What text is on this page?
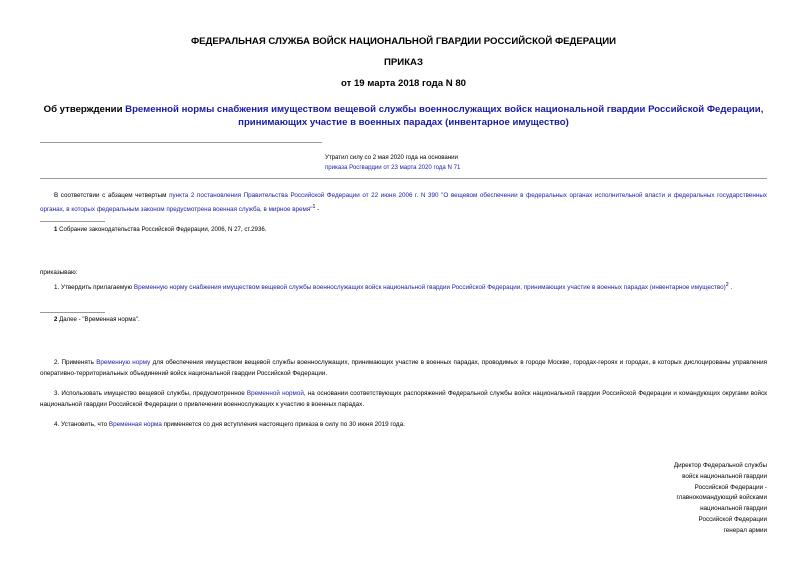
ФЕДЕРАЛЬНАЯ СЛУЖБА ВОЙСК НАЦИОНАЛЬНОЙ ГВАРДИИ РОССИЙСКОЙ ФЕДЕРАЦИИ
ПРИКАЗ
от 19 марта 2018 года N 80
Об утверждении Временной нормы снабжения имуществом вещевой службы военнослужащих войск национальной гвардии Российской Федерации, принимающих участие в военных парадах (инвентарное имущество)
Утратил силу со 2 мая 2020 года на основании
приказа Росгвардии от 23 марта 2020 года N 71
В соответствии с абзацем четвертым пункта 2 постановления Правительства Российской Федерации от 22 июня 2006 г. N 390 "О вещевом обеспечении в федеральных органах исполнительной власти и федеральных государственных органах, в которых федеральным законом предусмотрена военная служба, в мирное время"$^1$ -
1 Собрание законодательства Российской Федерации, 2006, N 27, ст.2936.
приказываю:
1. Утвердить прилагаемую Временную норму снабжения имуществом вещевой службы военнослужащих войск национальной гвардии Российской Федерации, принимающих участие в военных парадах (инвентарное имущество)$^2$ .
2 Далее - "Временная норма".
2. Применять Временную норму для обеспечения имуществом вещевой службы военнослужащих, принимающих участие в военных парадах, проводимых в городе Москве, городах-героях и городах, в которых дислоцированы управления оперативно-территориальных объединений войск национальной гвардии Российской Федерации.
3. Использовать имущество вещевой службы, предусмотренное Временной нормой, на основании соответствующих распоряжений Федеральной службы войск национальной гвардии Российской Федерации и командующих округами войск национальной гвардии Российской Федерации о привлечении военнослужащих к участию в военных парадах.
4. Установить, что Временная норма применяется со дня вступления настоящего приказа в силу по 30 июня 2019 года.
Директор Федеральной службы
войск национальной гвардии
Российской Федерации -
главнокомандующий войсками
национальной гвардии
Российской Федерации
генерал армии
